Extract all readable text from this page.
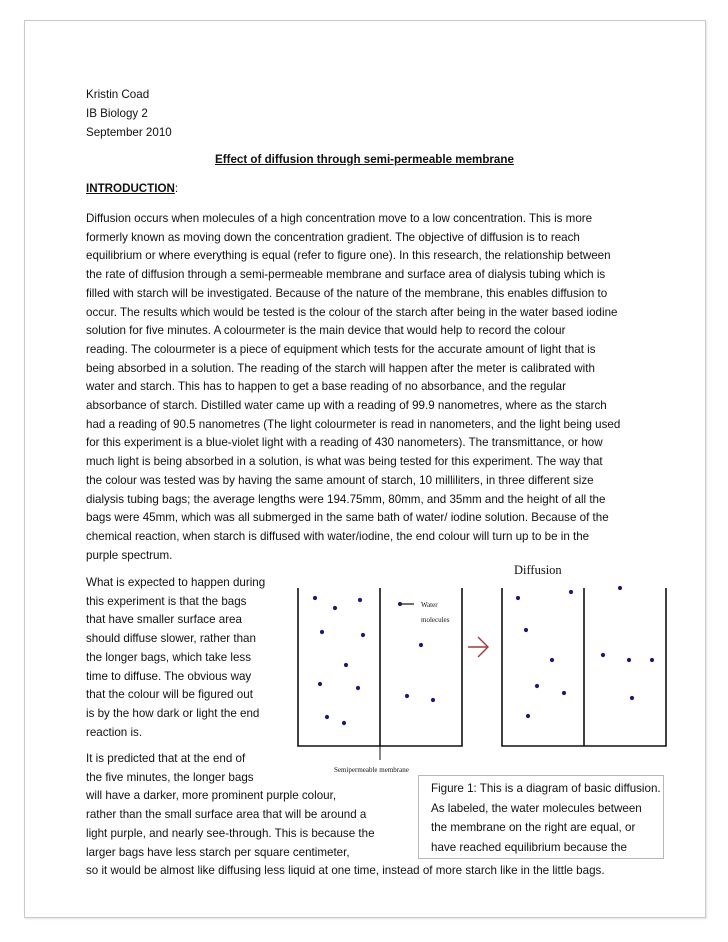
Kristin Coad
IB Biology 2
September 2010
Effect of diffusion through semi-permeable membrane
INTRODUCTION:
Diffusion occurs when molecules of a high concentration move to a low concentration. This is more
formerly known as moving down the concentration gradient. The objective of diffusion is to reach
equilibrium or where everything is equal (refer to figure one). In this research, the relationship between
the rate of diffusion through a semi-permeable membrane and surface area of dialysis tubing which is
filled with starch will be investigated. Because of the nature of the membrane, this enables diffusion to
occur. The results which would be tested is the colour of the starch after being in the water based iodine
solution for five minutes. A colourmeter is the main device that would help to record the colour
reading. The colourmeter is a piece of equipment which tests for the accurate amount of light that is
being absorbed in a solution. The reading of the starch will happen after the meter is calibrated with
water and starch. This has to happen to get a base reading of no absorbance, and the regular
absorbance of starch. Distilled water came up with a reading of 99.9 nanometres, where as the starch
had a reading of 90.5 nanometres (The light colourmeter is read in nanometers, and the light being used
for this experiment is a blue-violet light with a reading of 430 nanometers). The transmittance, or how
much light is being absorbed in a solution, is what was being tested for this experiment. The way that
the colour was tested was by having the same amount of starch, 10 milliliters, in three different size
dialysis tubing bags; the average lengths were 194.75mm, 80mm, and 35mm and the height of all the
bags were 45mm, which was all submerged in the same bath of water/ iodine solution. Because of the
chemical reaction, when starch is diffused with water/iodine, the end colour will turn up to be in the
purple spectrum.
What is expected to happen during
this experiment is that the bags
that have smaller surface area
should diffuse slower, rather than
the longer bags, which take less
time to diffuse. The obvious way
that the colour will be figured out
is by the how dark or light the end
reaction is.
It is predicted that at the end of
the five minutes, the longer bags
will have a darker, more prominent purple colour,
rather than the small surface area that will be around a
light purple, and nearly see-through. This is because the
larger bags have less starch per square centimeter,
so it would be almost like diffusing less liquid at one time, instead of more starch like in the little bags.
Diffusion
Water
molecules
Semipermeable membrane
Figure 1: This is a diagram of basic diffusion.
As labeled, the water molecules between
the membrane on the right are equal, or
have reached equilibrium because the
